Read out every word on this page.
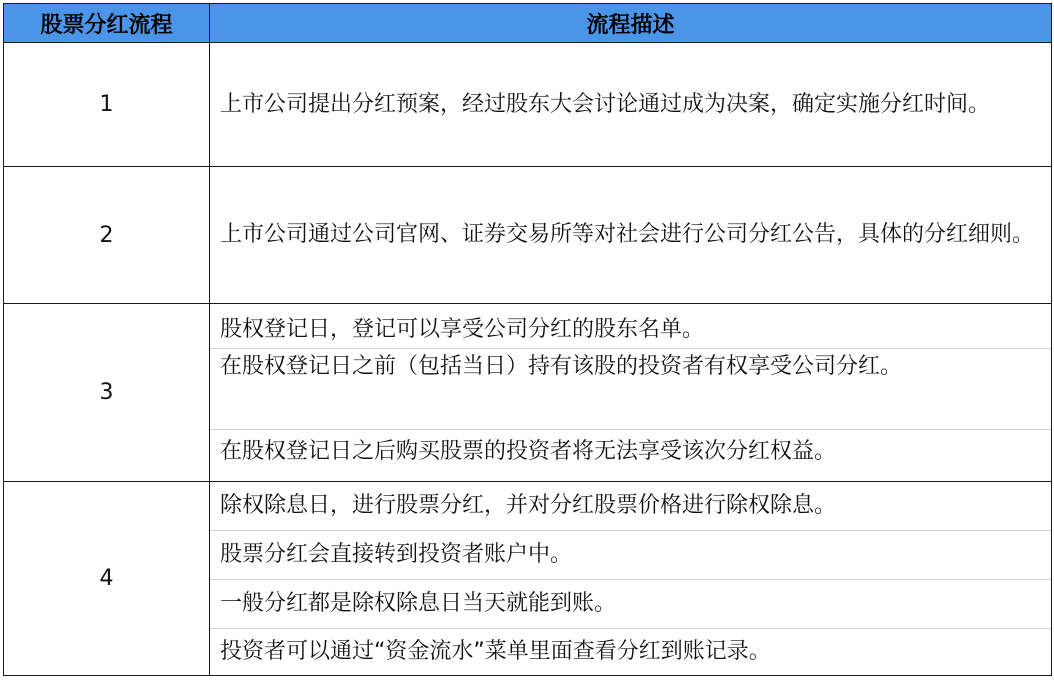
股票分红流程	流程描述
1	上市公司提出分红预案，经过股东大会讨论通过成为决案，确定实施分红时间。

2	上市公司通过公司官网、证券交易所等对社会进行公司分红公告，具体的分红细则。

3	股权登记日，登记可以享受公司分红的股东名单。
在股权登记日之前（包括当日）持有该股的投资者有权享受公司分红。
在股权登记日之后购买股票的投资者将无法享受该次分红权益。

4	除权除息日，进行股票分红，并对分红股票价格进行除权除息。
股票分红会直接转到投资者账户中。
一般分红都是除权除息日当天就能到账。
投资者可以通过“资金流水”菜单里面查看分红到账记录。
